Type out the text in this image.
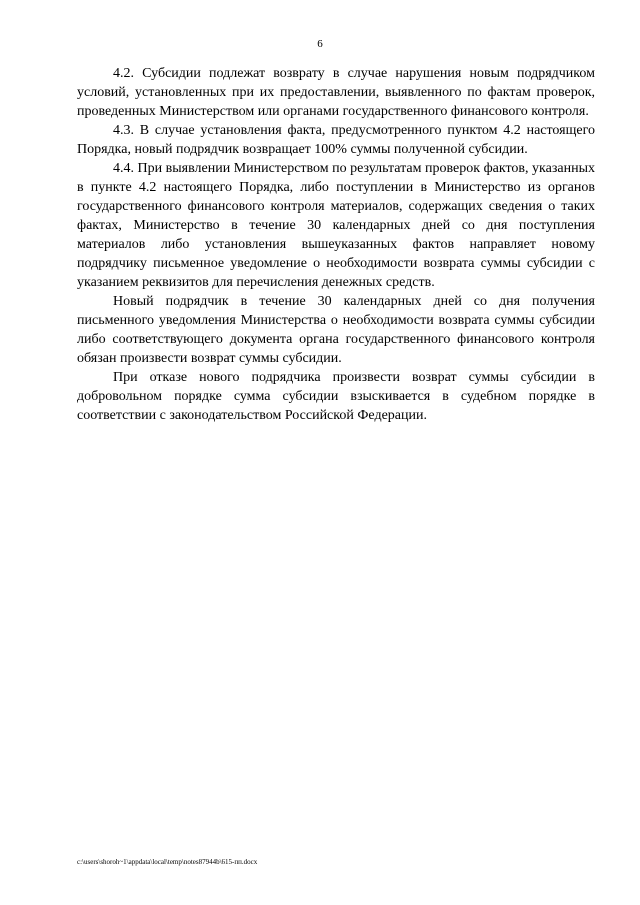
6

4.2. Субсидии подлежат возврату в случае нарушения новым подрядчиком условий, установленных при их предоставлении, выявленного по фактам проверок, проведенных Министерством или органами государственного финансового контроля.

4.3. В случае установления факта, предусмотренного пунктом 4.2 настоящего Порядка, новый подрядчик возвращает 100% суммы полученной субсидии.

4.4. При выявлении Министерством по результатам проверок фактов, указанных в пункте 4.2 настоящего Порядка, либо поступлении в Министерство из органов государственного финансового контроля материалов, содержащих сведения о таких фактах, Министерство в течение 30 календарных дней со дня поступления материалов либо установления вышеуказанных фактов направляет новому подрядчику письменное уведомление о необходимости возврата суммы субсидии с указанием реквизитов для перечисления денежных средств.

Новый подрядчик в течение 30 календарных дней со дня получения письменного уведомления Министерства о необходимости возврата суммы субсидии либо соответствующего документа органа государственного финансового контроля обязан произвести возврат суммы субсидии.

При отказе нового подрядчика произвести возврат суммы субсидии в добровольном порядке сумма субсидии взыскивается в судебном порядке в соответствии с законодательством Российской Федерации.

c:\users\shoroh~1\appdata\local\temp\notes87944b\615-пп.docx
